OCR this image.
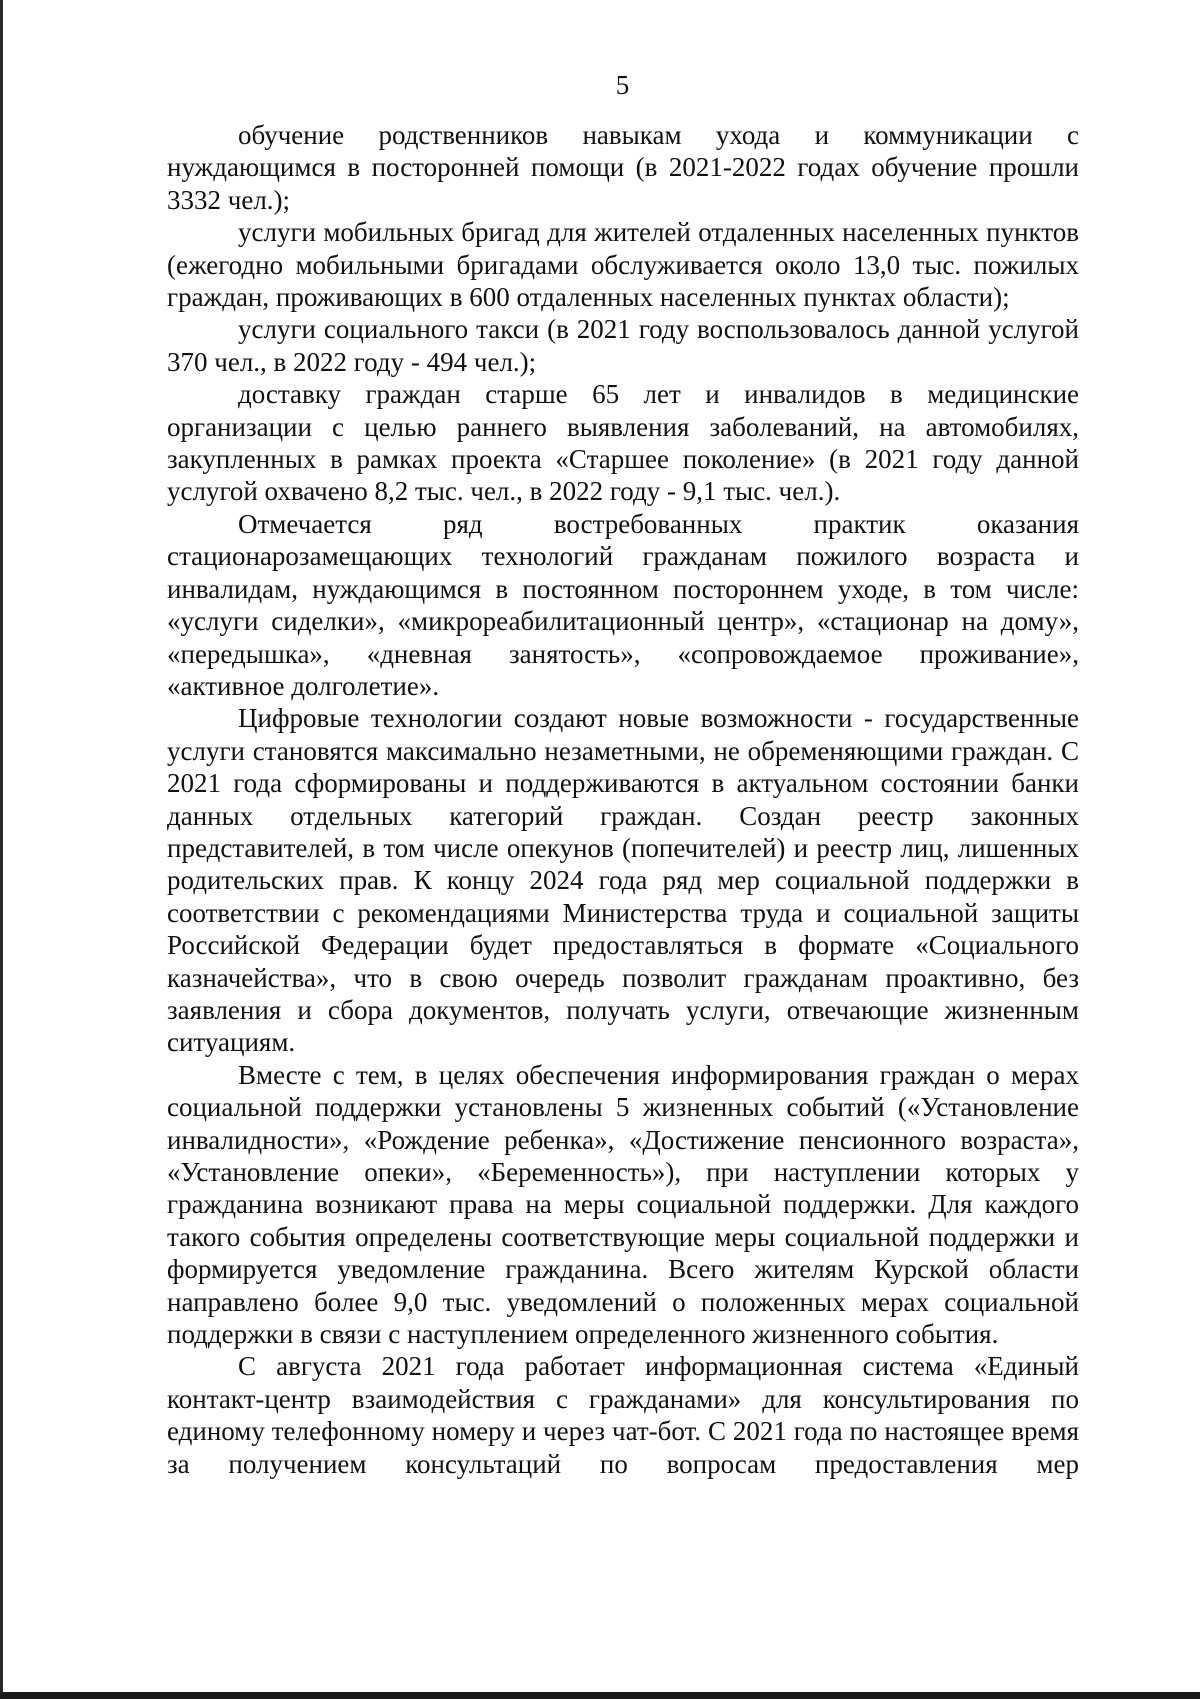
5

обучение родственников навыкам ухода и коммуникации с нуждающимся в посторонней помощи (в 2021-2022 годах обучение прошли 3332 чел.);

услуги мобильных бригад для жителей отдаленных населенных пунктов (ежегодно мобильными бригадами обслуживается около 13,0 тыс. пожилых граждан, проживающих в 600 отдаленных населенных пунктах области);

услуги социального такси (в 2021 году воспользовалось данной услугой 370 чел., в 2022 году - 494 чел.);

доставку граждан старше 65 лет и инвалидов в медицинские организации с целью раннего выявления заболеваний, на автомобилях, закупленных в рамках проекта «Старшее поколение» (в 2021 году данной услугой охвачено 8,2 тыс. чел., в 2022 году - 9,1 тыс. чел.).

Отмечается ряд востребованных практик оказания стационарозамещающих технологий гражданам пожилого возраста и инвалидам, нуждающимся в постоянном постороннем уходе, в том числе: «услуги сиделки», «микрореабилитационный центр», «стационар на дому», «передышка», «дневная занятость», «сопровождаемое проживание», «активное долголетие».

Цифровые технологии создают новые возможности - государственные услуги становятся максимально незаметными, не обременяющими граждан. С 2021 года сформированы и поддерживаются в актуальном состоянии банки данных отдельных категорий граждан. Создан реестр законных представителей, в том числе опекунов (попечителей) и реестр лиц, лишенных родительских прав. К концу 2024 года ряд мер социальной поддержки в соответствии с рекомендациями Министерства труда и социальной защиты Российской Федерации будет предоставляться в формате «Социального казначейства», что в свою очередь позволит гражданам проактивно, без заявления и сбора документов, получать услуги, отвечающие жизненным ситуациям.

Вместе с тем, в целях обеспечения информирования граждан о мерах социальной поддержки установлены 5 жизненных событий («Установление инвалидности», «Рождение ребенка», «Достижение пенсионного возраста», «Установление опеки», «Беременность»), при наступлении которых у гражданина возникают права на меры социальной поддержки. Для каждого такого события определены соответствующие меры социальной поддержки и формируется уведомление гражданина. Всего жителям Курской области направлено более 9,0 тыс. уведомлений о положенных мерах социальной поддержки в связи с наступлением определенного жизненного события.

С августа 2021 года работает информационная система «Единый контакт-центр взаимодействия с гражданами» для консультирования по единому телефонному номеру и через чат-бот. С 2021 года по настоящее время за получением консультаций по вопросам предоставления мер
